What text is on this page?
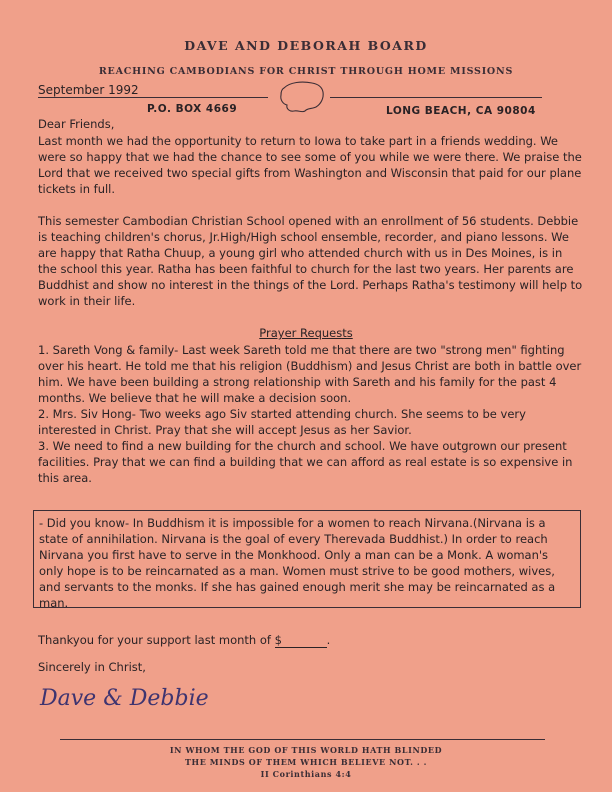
DAVE AND DEBORAH BOARD
REACHING CAMBODIANS FOR CHRIST THROUGH HOME MISSIONS
September 1992
P.O. BOX 4669	LONG BEACH, CA 90804
Dear Friends,

Last month we had the opportunity to return to Iowa to take part in a friends wedding. We were so happy that we had the chance to see some of you while we were there. We praise the Lord that we received two special gifts from Washington and Wisconsin that paid for our plane tickets in full.

This semester Cambodian Christian School opened with an enrollment of 56 students. Debbie is teaching children's chorus, Jr.High/High school ensemble, recorder, and piano lessons. We are happy that Ratha Chuup, a young girl who attended church with us in Des Moines, is in the school this year. Ratha has been faithful to church for the last two years. Her parents are Buddhist and show no interest in the things of the Lord. Perhaps Ratha's testimony will help to work in their life.

Prayer Requests
1. Sareth Vong & family- Last week Sareth told me that there are two "strong men" fighting over his heart. He told me that his religion (Buddhism) and Jesus Christ are both in battle over him. We have been building a strong relationship with Sareth and his family for the past 4 months. We believe that he will make a decision soon.
2. Mrs. Siv Hong- Two weeks ago Siv started attending church. She seems to be very interested in Christ. Pray that she will accept Jesus as her Savior.
3. We need to find a new building for the church and school. We have outgrown our present facilities. Pray that we can find a building that we can afford as real estate is so expensive in this area.
- Did you know- In Buddhism it is impossible for a women to reach Nirvana.(Nirvana is a state of annihilation. Nirvana is the goal of every Therevada Buddhist.) In order to reach Nirvana you first have to serve in the Monkhood. Only a man can be a Monk. A woman's only hope is to be reincarnated as a man. Women must strive to be good mothers, wives, and servants to the monks. If she has gained enough merit she may be reincarnated as a man.
Thankyou for your support last month of $	.
Sincerely in Christ,
Dave & Debbie
IN WHOM THE GOD OF THIS WORLD HATH BLINDED
THE MINDS OF THEM WHICH BELIEVE NOT. . .
II Corinthians 4:4
